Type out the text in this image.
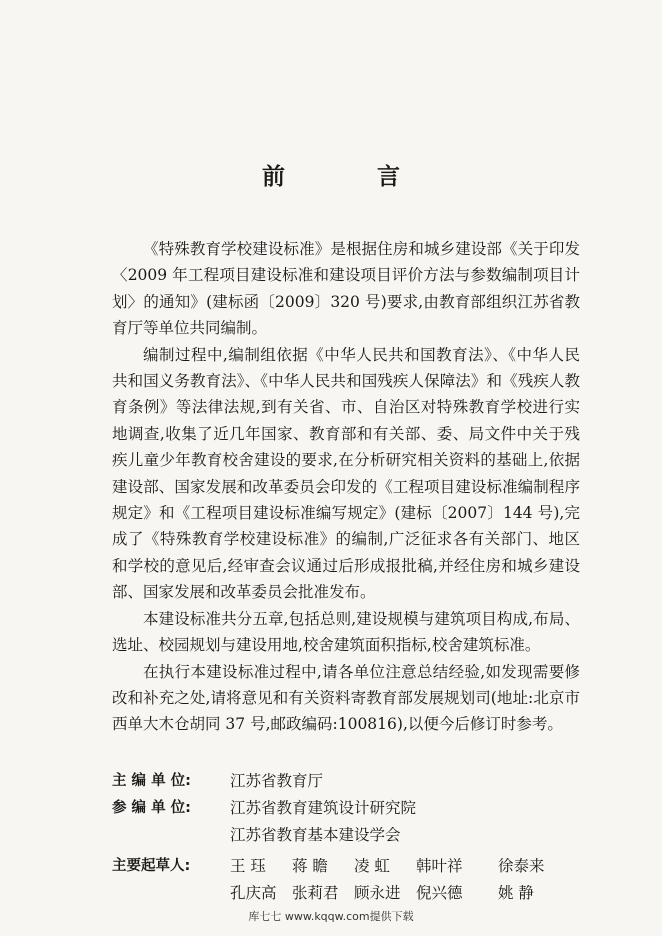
前 言

《特殊教育学校建设标准》是根据住房和城乡建设部《关于印发〈2009 年工程项目建设标准和建设项目评价方法与参数编制项目计划〉的通知》(建标函〔2009〕320 号)要求,由教育部组织江苏省教育厅等单位共同编制。

编制过程中,编制组依据《中华人民共和国教育法》、《中华人民共和国义务教育法》、《中华人民共和国残疾人保障法》和《残疾人教育条例》等法律法规,到有关省、市、自治区对特殊教育学校进行实地调查,收集了近几年国家、教育部和有关部、委、局文件中关于残疾儿童少年教育校舍建设的要求,在分析研究相关资料的基础上,依据建设部、国家发展和改革委员会印发的《工程项目建设标准编制程序规定》和《工程项目建设标准编写规定》(建标〔2007〕144 号),完成了《特殊教育学校建设标准》的编制,广泛征求各有关部门、地区和学校的意见后,经审查会议通过后形成报批稿,并经住房和城乡建设部、国家发展和改革委员会批准发布。

本建设标准共分五章,包括总则,建设规模与建筑项目构成,布局、选址、校园规划与建设用地,校舍建筑面积指标,校舍建筑标准。

在执行本建设标准过程中,请各单位注意总结经验,如发现需要修改和补充之处,请将意见和有关资料寄教育部发展规划司(地址:北京市西单大木仓胡同 37 号,邮政编码:100816),以便今后修订时参考。

主 编 单 位:	江苏省教育厅
参 编 单 位:	江苏省教育建筑设计研究院
江苏省教育基本建设学会
主要起草人:	王 珏	蒋 瞻	凌 虹	韩叶祥	徐泰来
孔庆高 张莉君 顾永进 倪兴德	姚 静
库七七 www.kqqw.com提供下载
